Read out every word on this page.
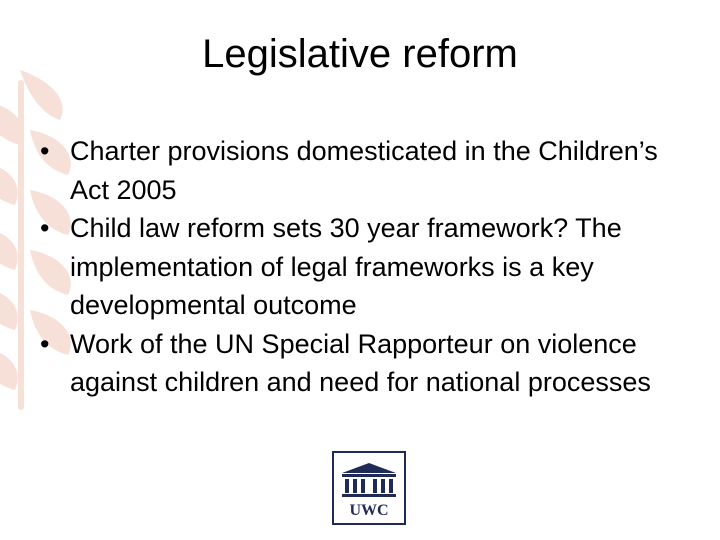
Legislative reform
• Charter provisions domesticated in the Children’s Act 2005
• Child law reform sets 30 year framework? The implementation of legal frameworks is a key developmental outcome
• Work of the UN Special Rapporteur on violence against children and need for national processes
UWC
